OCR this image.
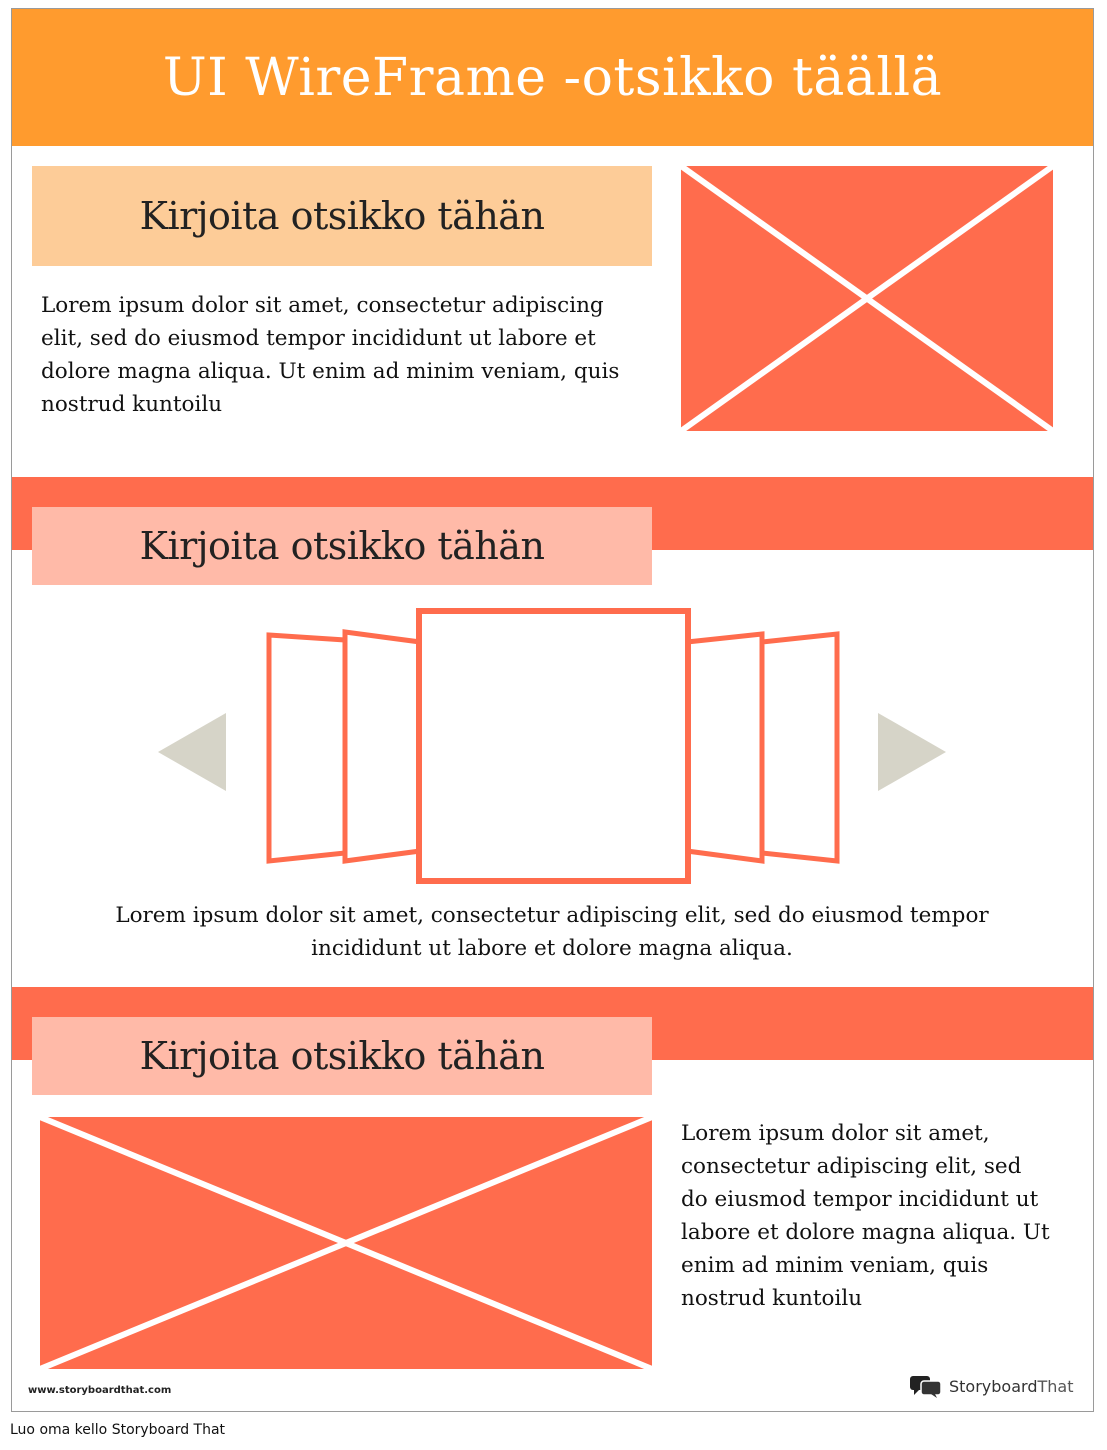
UI WireFrame -otsikko täällä
Kirjoita otsikko tähän
Lorem ipsum dolor sit amet, consectetur adipiscing elit, sed do eiusmod tempor incididunt ut labore et dolore magna aliqua. Ut enim ad minim veniam, quis nostrud kuntoilu
Kirjoita otsikko tähän
Lorem ipsum dolor sit amet, consectetur adipiscing elit, sed do eiusmod tempor incididunt ut labore et dolore magna aliqua.
Kirjoita otsikko tähän
Lorem ipsum dolor sit amet, consectetur adipiscing elit, sed do eiusmod tempor incididunt ut labore et dolore magna aliqua. Ut enim ad minim veniam, quis nostrud kuntoilu
www.storyboardthat.com	StoryboardThat
Luo oma kello Storyboard That
